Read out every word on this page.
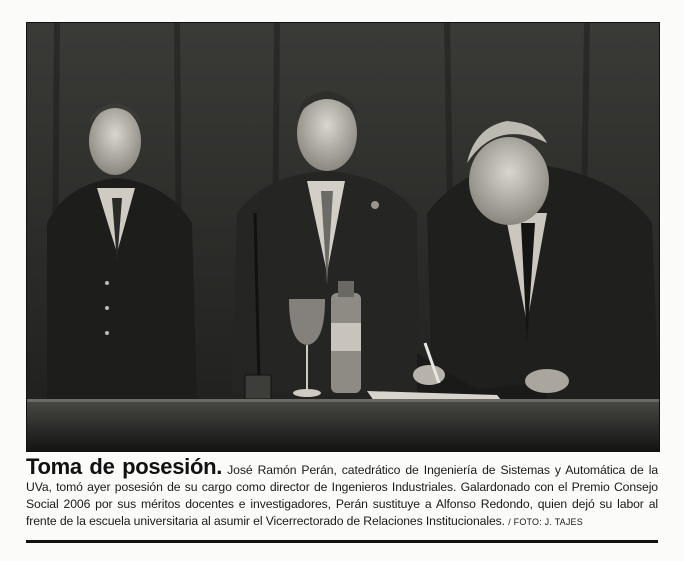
Toma de posesión. José Ramón Perán, catedrático de Ingeniería de Sistemas y Automática de la UVa, tomó ayer posesión de su cargo como director de Ingenieros Industriales. Galardonado con el Premio Consejo Social 2006 por sus méritos docentes e investigadores, Perán sustituye a Alfonso Redondo, quien dejó su labor al frente de la escuela universitaria al asumir el Vicerrectorado de Relaciones Institucionales. / FOTO: J. TAJES
